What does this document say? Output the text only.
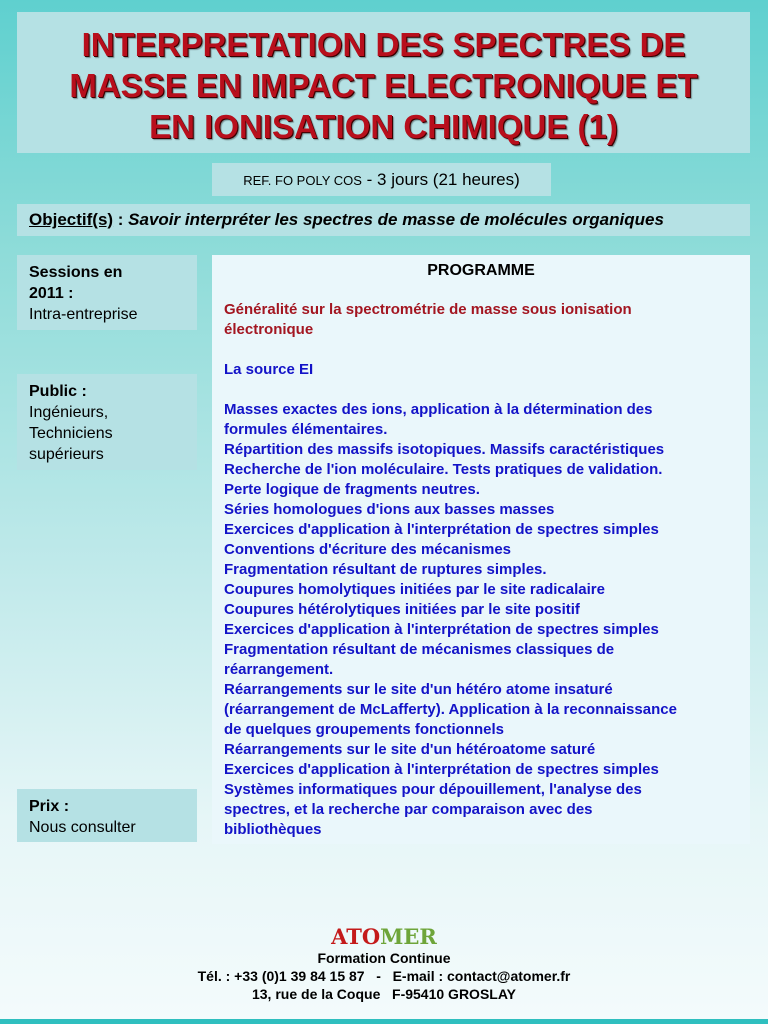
INTERPRETATION DES SPECTRES DE
MASSE EN IMPACT ELECTRONIQUE ET
EN IONISATION CHIMIQUE (1)
REF. FO POLY COS - 3 jours (21 heures)
Objectif(s) : Savoir interpréter les spectres de masse de molécules organiques
Sessions en
2011 :
Intra-entreprise
Public :
Ingénieurs,
Techniciens
supérieurs
Prix :
Nous consulter

PROGRAMME

Généralité sur la spectrométrie de masse sous ionisation
électronique

La source EI

Masses exactes des ions, application à la détermination des

formules élémentaires.

Répartition des massifs isotopiques. Massifs caractéristiques

Recherche de l'ion moléculaire. Tests pratiques de validation.

Perte logique de fragments neutres.

Séries homologues d'ions aux basses masses

Exercices d'application à l'interprétation de spectres simples

Conventions d'écriture des mécanismes

Fragmentation résultant de ruptures simples.

Coupures homolytiques initiées par le site radicalaire

Coupures hétérolytiques initiées par le site positif

Exercices d'application à l'interprétation de spectres simples

Fragmentation résultant de mécanismes classiques de

réarrangement.

Réarrangements sur le site d'un hétéro atome insaturé

(réarrangement de McLafferty). Application à la reconnaissance

de quelques groupements fonctionnels

Réarrangements sur le site d'un hétéroatome saturé

Exercices d'application à l'interprétation de spectres simples

Systèmes informatiques pour dépouillement, l'analyse des

spectres, et la recherche par comparaison avec des

bibliothèques

ATOMER
Formation Continue
Tél. : +33 (0)1 39 84 15 87   -   E-mail : contact@atomer.fr
13, rue de la Coque   F-95410 GROSLAY
